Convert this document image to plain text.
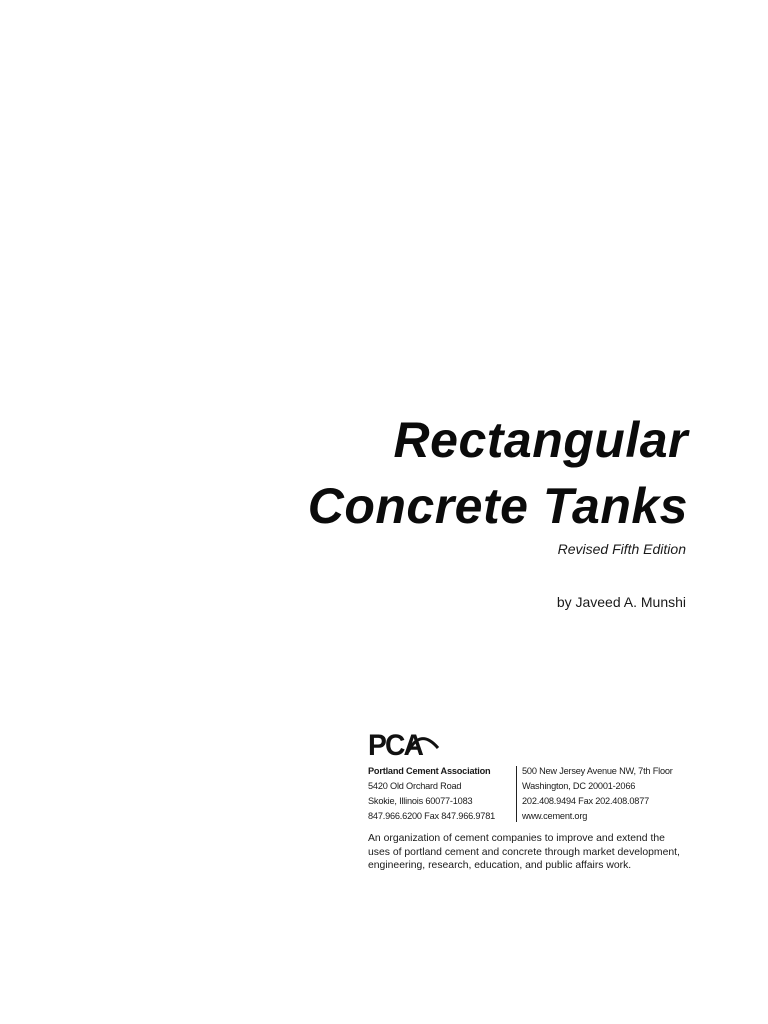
Rectangular
Concrete Tanks
Revised Fifth Edition
by Javeed A. Munshi
PCA
Portland Cement Association
5420 Old Orchard Road
Skokie, Illinois 60077-1083
847.966.6200 Fax 847.966.9781
500 New Jersey Avenue NW, 7th Floor
Washington, DC 20001-2066
202.408.9494 Fax 202.408.0877
www.cement.org
An organization of cement companies to improve and extend the uses of portland cement and concrete through market development, engineering, research, education, and public affairs work.
